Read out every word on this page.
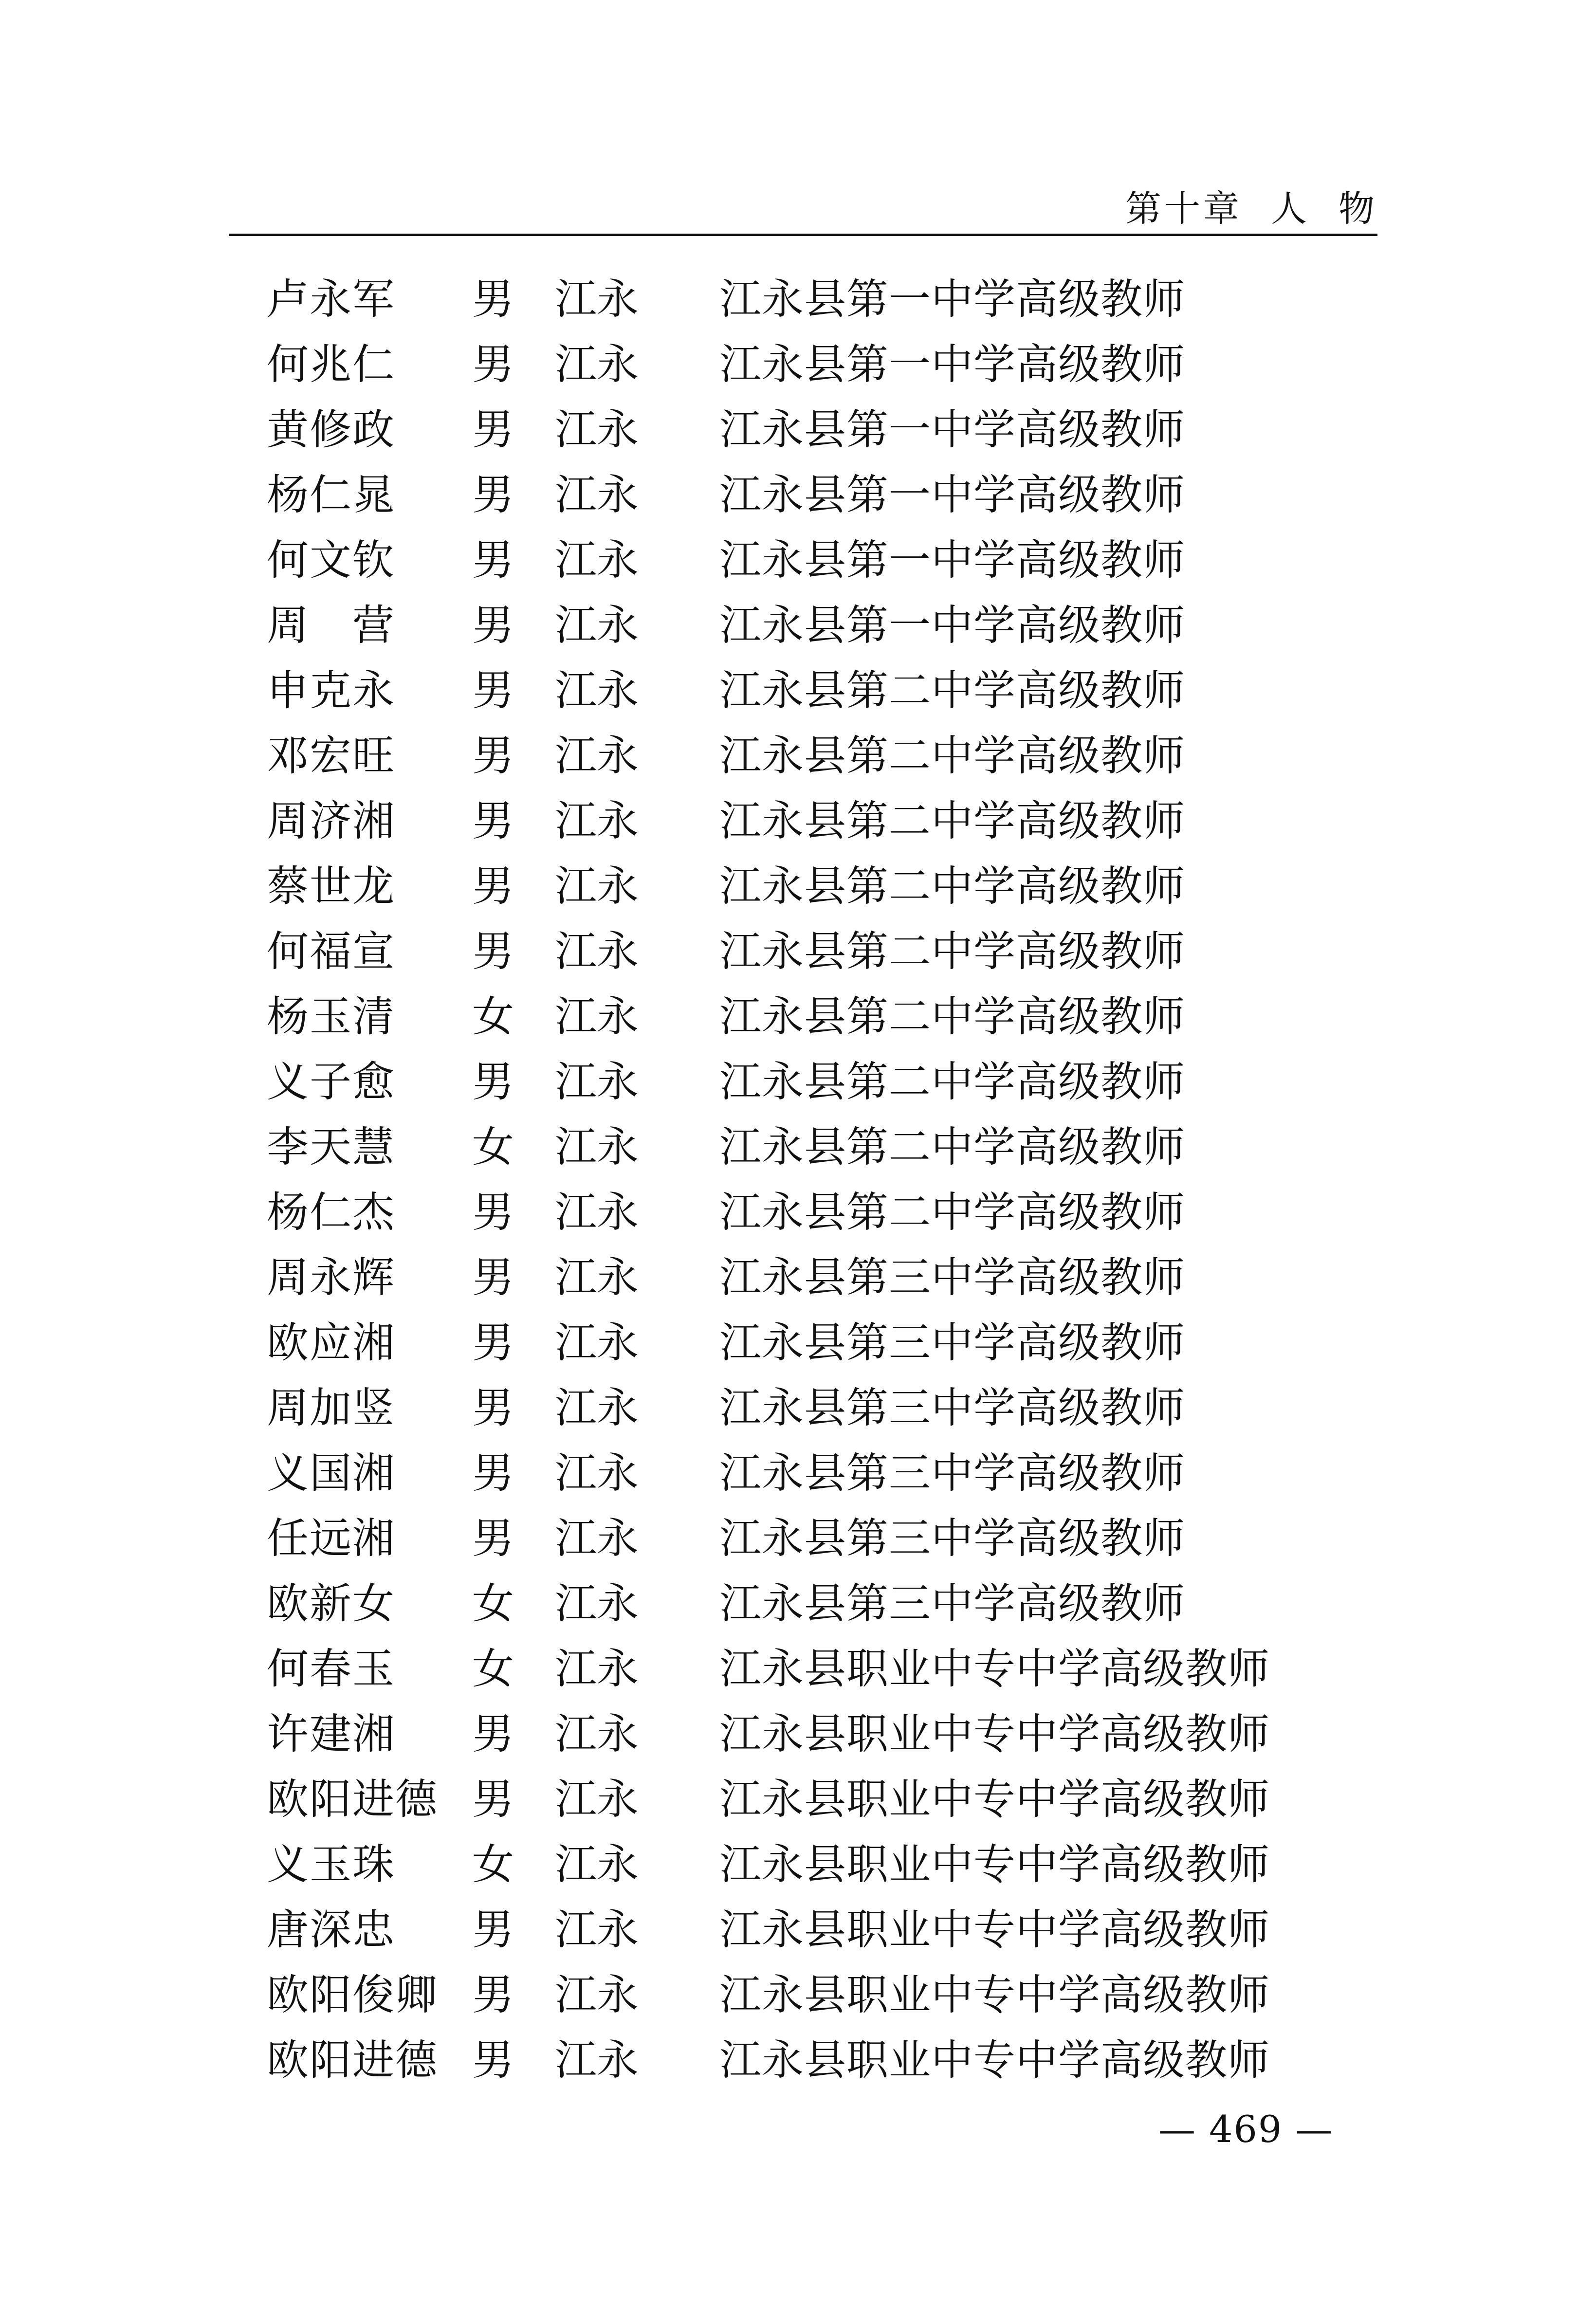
第十章  人  物
卢永军 男 江永 江永县第一中学高级教师
何兆仁 男 江永 江永县第一中学高级教师
黄修政 男 江永 江永县第一中学高级教师
杨仁晁 男 江永 江永县第一中学高级教师
何文钦 男 江永 江永县第一中学高级教师
周　营 男 江永 江永县第一中学高级教师
申克永 男 江永 江永县第二中学高级教师
邓宏旺 男 江永 江永县第二中学高级教师
周济湘 男 江永 江永县第二中学高级教师
蔡世龙 男 江永 江永县第二中学高级教师
何福宣 男 江永 江永县第二中学高级教师
杨玉清 女 江永 江永县第二中学高级教师
义子愈 男 江永 江永县第二中学高级教师
李天慧 女 江永 江永县第二中学高级教师
杨仁杰 男 江永 江永县第二中学高级教师
周永辉 男 江永 江永县第三中学高级教师
欧应湘 男 江永 江永县第三中学高级教师
周加竖 男 江永 江永县第三中学高级教师
义国湘 男 江永 江永县第三中学高级教师
任远湘 男 江永 江永县第三中学高级教师
欧新女 女 江永 江永县第三中学高级教师
何春玉 女 江永 江永县职业中专中学高级教师
许建湘 男 江永 江永县职业中专中学高级教师
欧阳进德 男 江永 江永县职业中专中学高级教师
义玉珠 女 江永 江永县职业中专中学高级教师
唐深忠 男 江永 江永县职业中专中学高级教师
欧阳俊卿 男 江永 江永县职业中专中学高级教师
欧阳进德 男 江永 江永县职业中专中学高级教师
— 469 —
